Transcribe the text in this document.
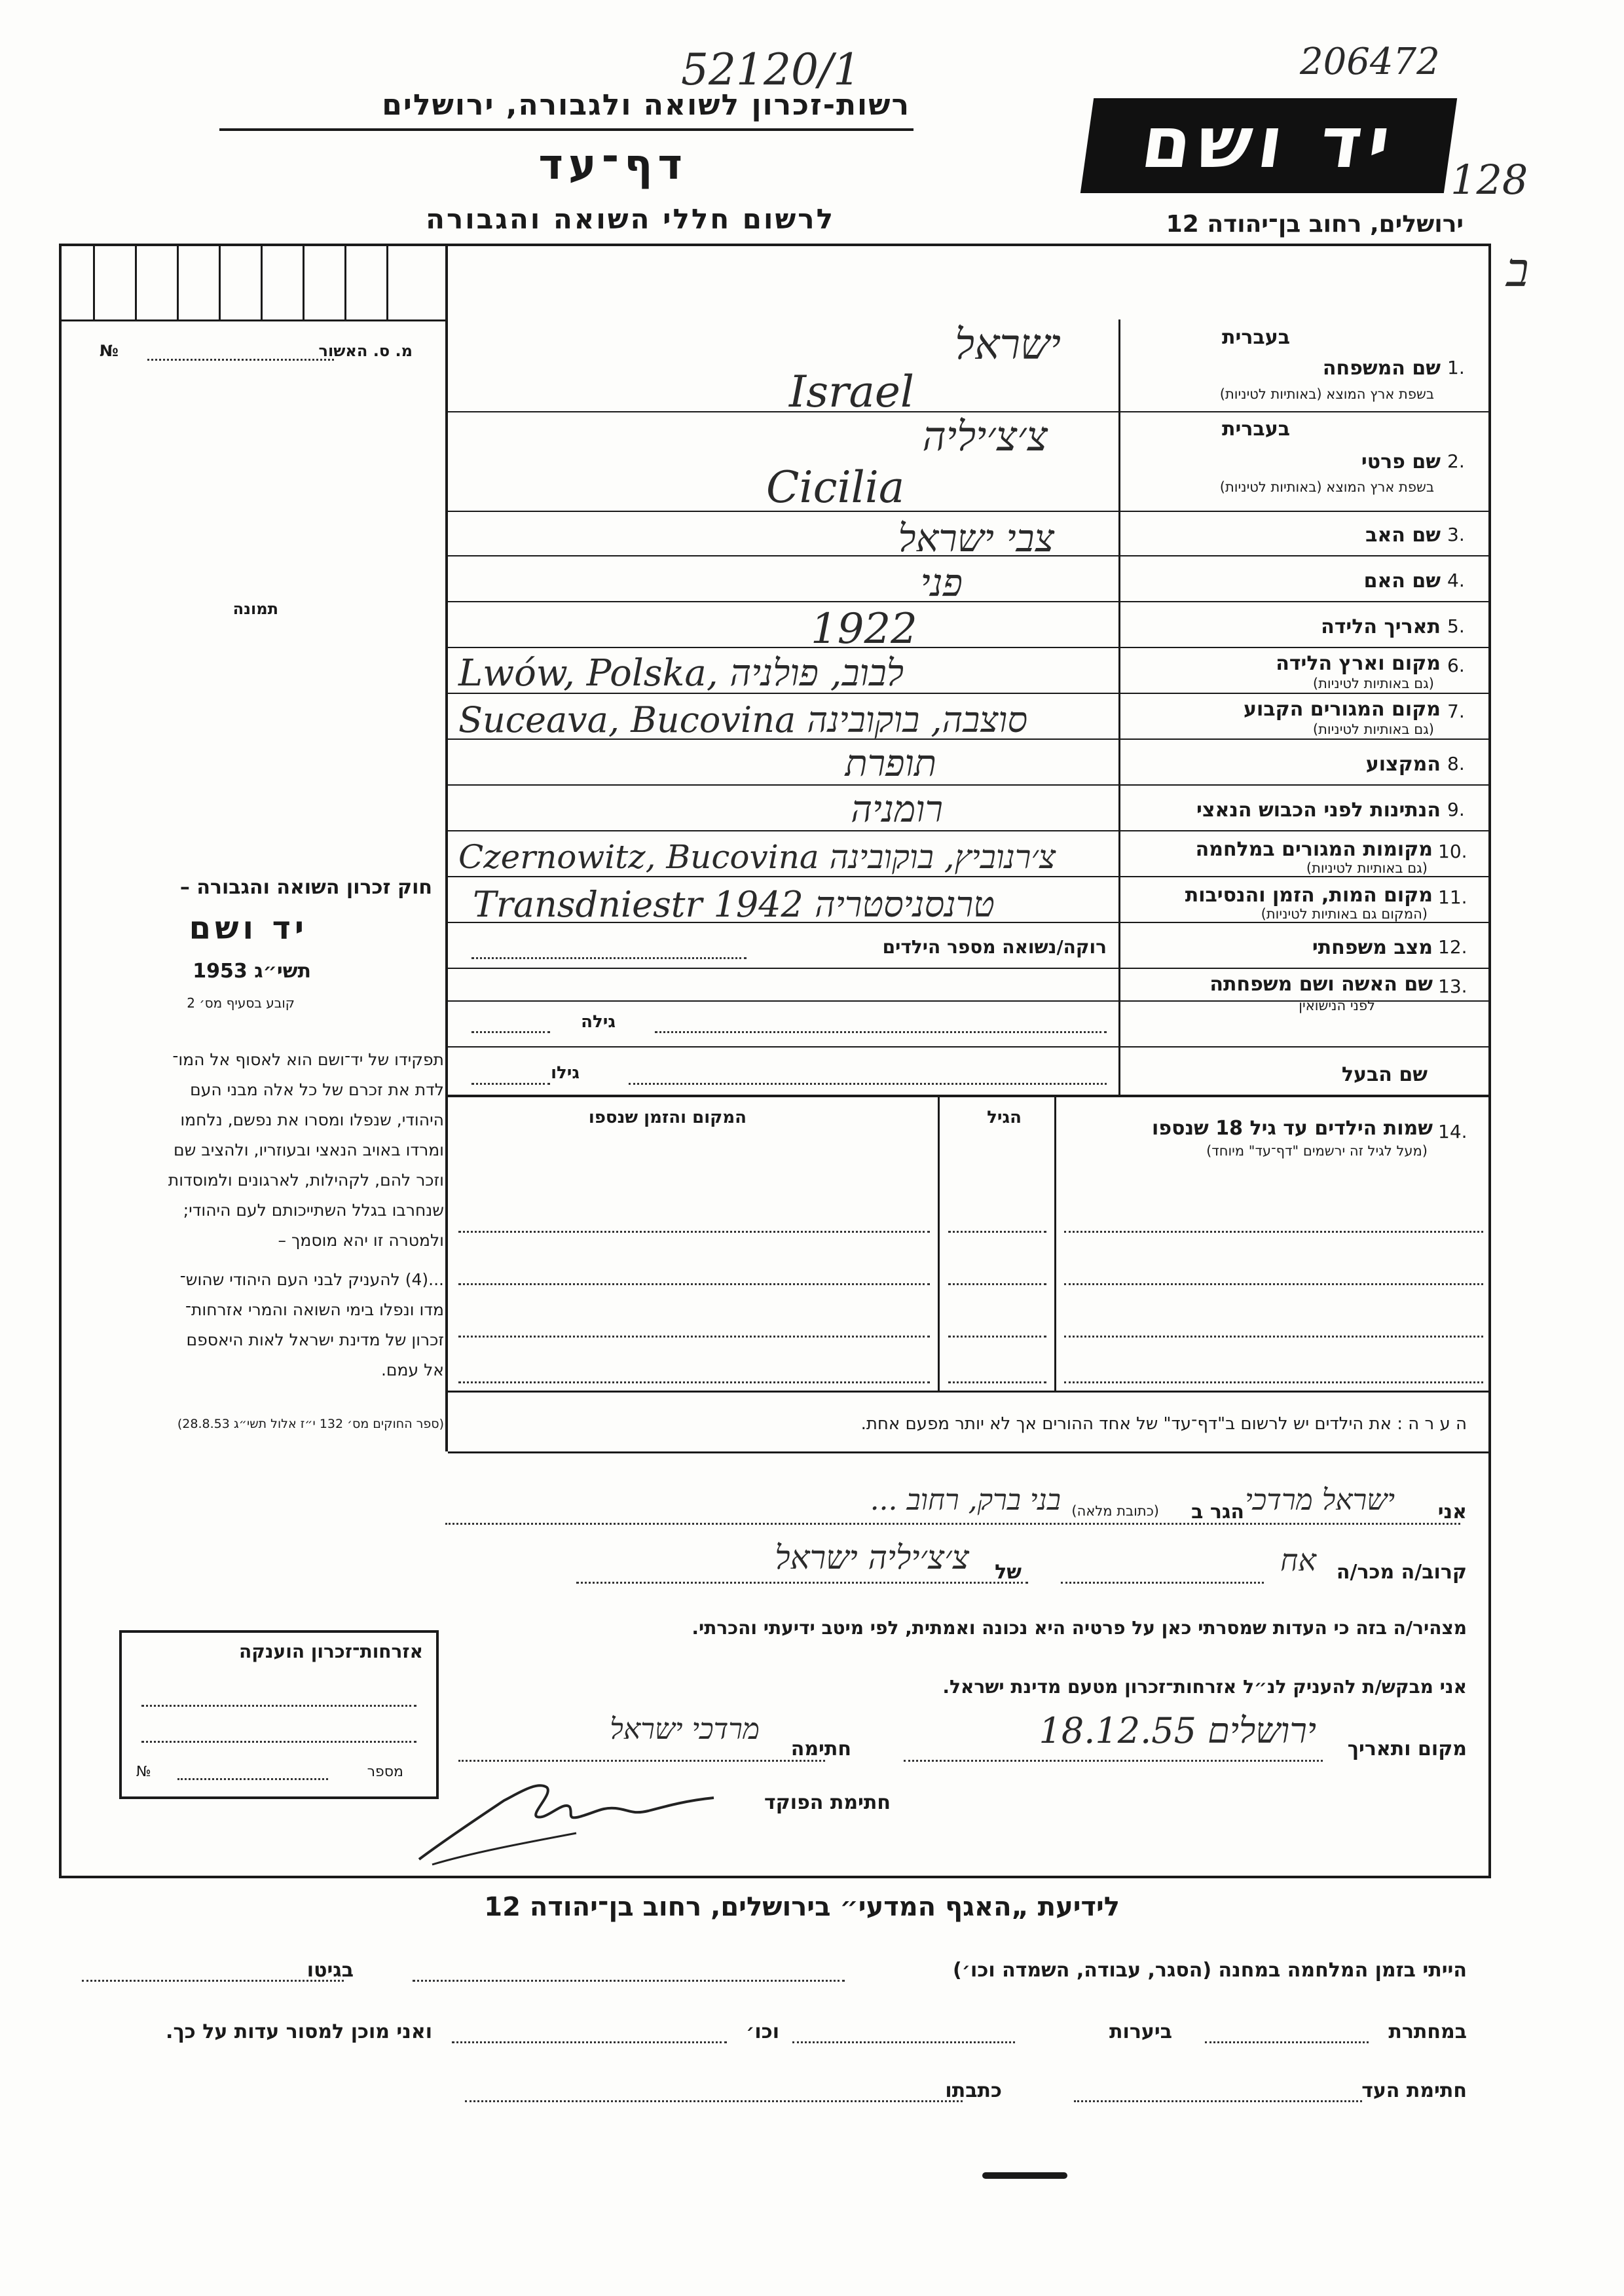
52120/1	206472
128
ב
רשות-זכרון לשואה ולגבורה, ירושלים
דף־עד
לרשום חללי השואה והגבורה
יד ושם
ירושלים, רחוב בן־יהודה 12
מ. ס. האשור
№
תמונה
בעברית
1.
שם המשפחה
בשפת ארץ המוצא (באותיות לטיניות)
ישראל
Israel
בעברית
2.
שם פרטי
בשפת ארץ המוצא (באותיות לטיניות)
צ׳צ׳יליה
Cicilia
3.
שם האב
צבי ישראל
4.
שם האם
פני
5.
תאריך הלידה
1922
6.
מקום וארץ הלידה
(גם באותיות לטיניות)
Lwów, Polska, לבוב, פולניה
7.
מקום המגורים הקבוע
(גם באותיות לטיניות)
Suceava, Bucovina סוצבה, בוקובינה
8.
המקצוע
תופרת
9.
הנתינות לפני הכבוש הנאצי
רומניה
10.
מקומות המגורים במלחמה
(גם באותיות לטיניות)
Czernowitz, Bucovina צ׳רנוביץ, בוקובינה
11.
מקום המות, הזמן והנסיבות
(המקום גם באותיות לטיניות)
Transdniestr 1942 טרנסניסטריה
12.
מצב משפחתי
רוקה/נשואה מספר הילדים
13.
שם האשה ושם משפחתה
לפני הנישואין
גילה
שם הבעל
גילו
14.
שמות הילדים עד גיל 18 שנספו
(מעל לגיל זה ירשמים "דף־עד" מיוחד)
הגיל
המקום והזמן שנספו
חוק זכרון השואה והגבורה –
יד ושם
תשי״ג 1953
קובע בסעיף מס׳ 2
תפקידו של יד־ושם הוא לאסוף אל המו־
לדת את זכרם של כל אלה מבני העם
היהודי, שנפלו ומסרו את נפשם, נלחמו
ומרדו באויב הנאצי ובעוזריו, ולהציב שם
וזכר להם, לקהילות, לארגונים ולמוסדות
שנחרבו בגלל השתייכותם לעם היהודי;
ולמטרה זו יהא מוסמך –
...(4) להעניק לבני העם היהודי שהוש־
מדו ונפלו בימי השואה והמרי אזרחות־
זכרון של מדינת ישראל לאות היאספם
אל עמם.
(ספר החוקים מס׳ 132 י״ז אלול תשי״ג 28.8.53)	ה ע ר ה : את הילדים יש לרשום ב"דף־עד" של אחד ההורים אך לא יותר מפעם אחת.
אני
ישראל מרדכי
הגר ב
(כתובת מלאה)
בני ברק, רחוב ...
קרוב/ה מכר/ה
אח
של
צ׳צ׳יליה ישראל
מצהיר/ה בזה כי העדות שמסרתי כאן על פרטיה היא נכונה ואמתית, לפי מיטב ידיעתי והכרתי.
אני מבקש/ת להעניק לנ״ל אזרחות־זכרון מטעם מדינת ישראל.
מקום ותאריך
ירושלים 18.12.55
חתימה
מרדכי ישראל
חתימת הפוקד
אזרחות־זכרון הוענקה
מספר
№
לידיעת „האגף המדעי״ בירושלים, רחוב בן־יהודה 12
הייתי בזמן המלחמה במחנה (הסגר, עבודה, השמדה וכו׳)
בגיטו
במחתרת
ביערות
וכו׳
ואני מוכן למסור עדות על כך.
חתימת העד
כתבתו
